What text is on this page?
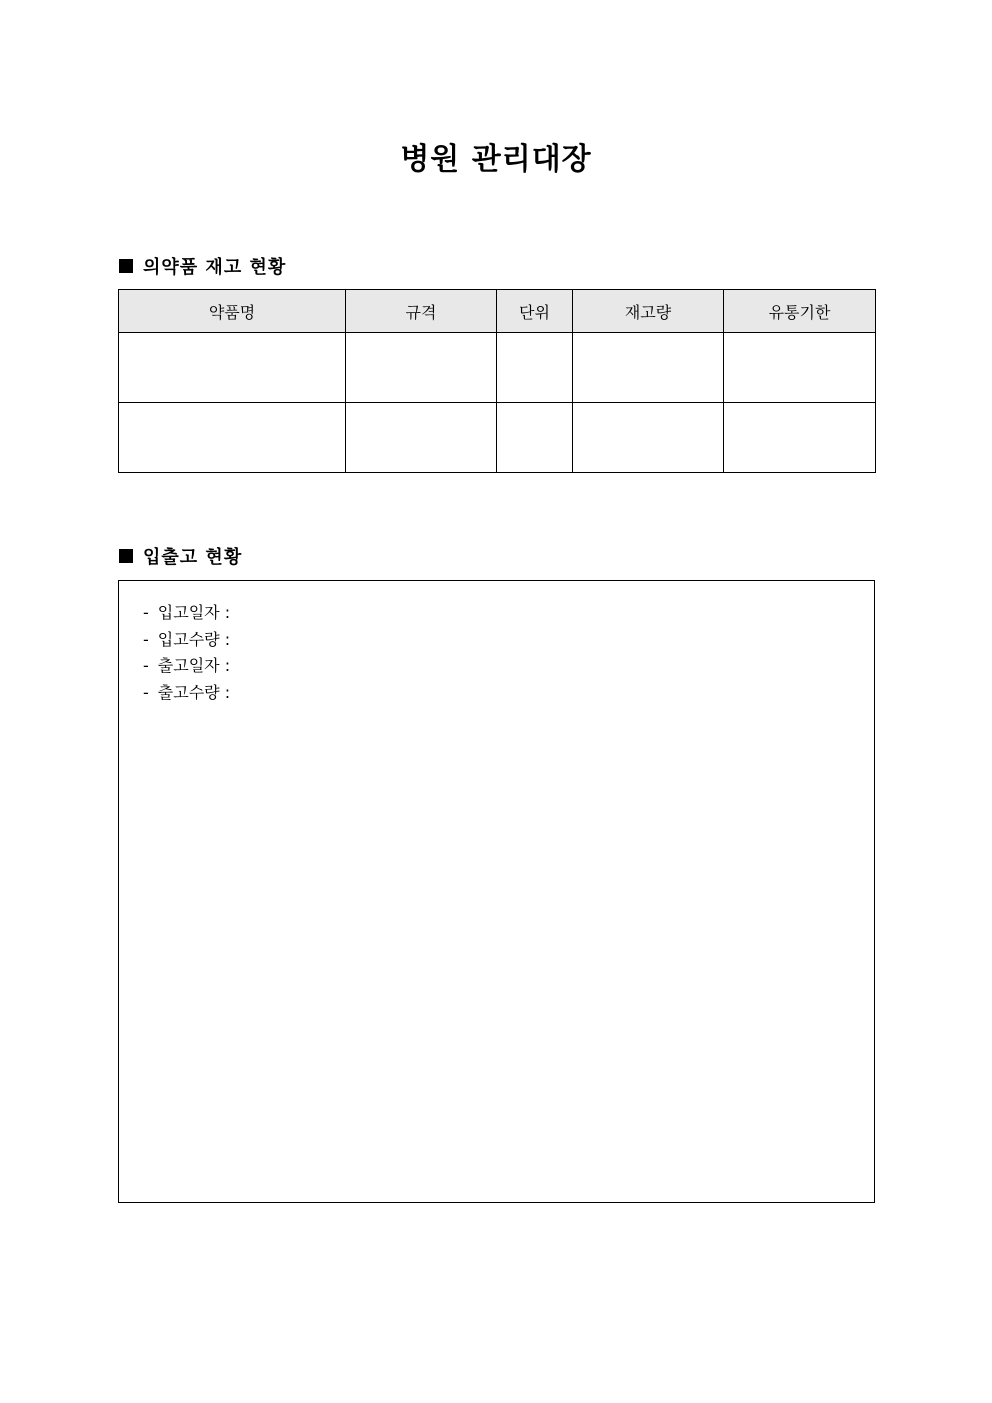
병원 관리대장
의약품 재고 현황
약품명	규격	단위	재고량	유통기한

입출고 현황
- 입고일자 :
- 입고수량 :
- 출고일자 :
- 출고수량 :
